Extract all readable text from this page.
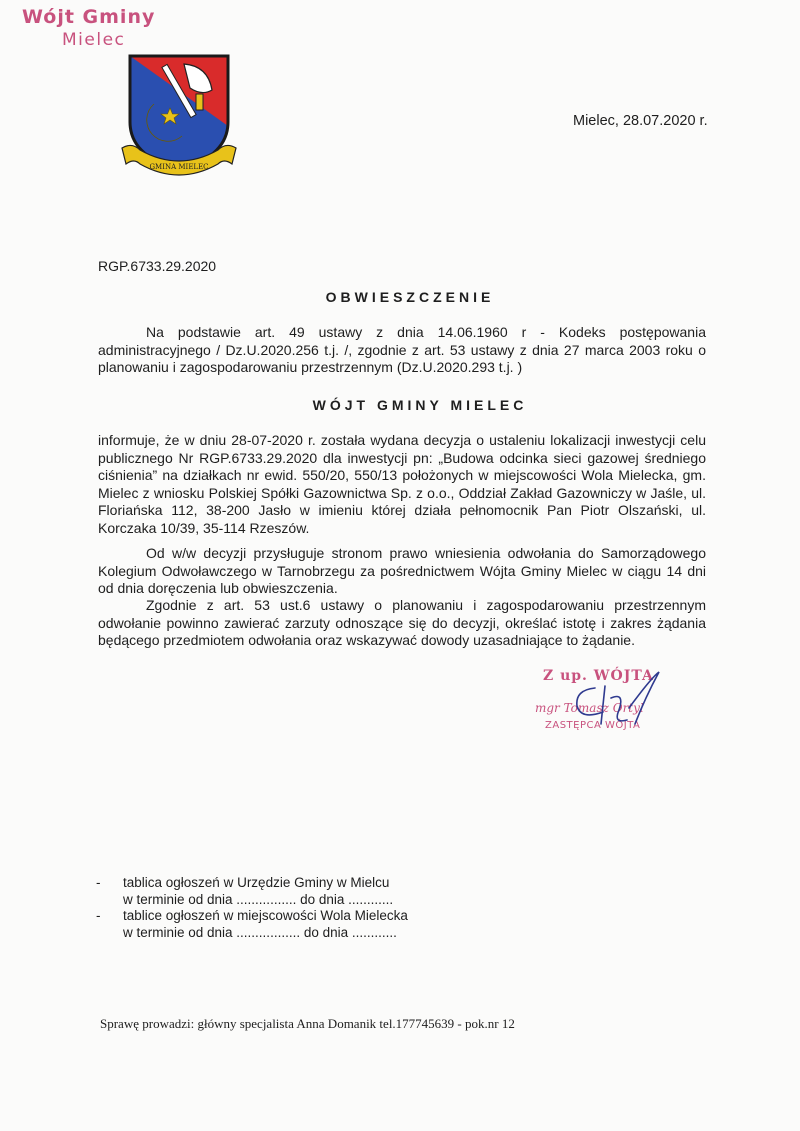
Wójt Gminy
Mielec
GMINA MIELEC
Mielec, 28.07.2020 r.
RGP.6733.29.2020
OBWIESZCZENIE

Na podstawie art. 49 ustawy z dnia 14.06.1960 r - Kodeks postępowania administracyjnego / Dz.U.2020.256 t.j. /, zgodnie z art. 53 ustawy z dnia 27 marca 2003 roku o planowaniu i zagospodarowaniu przestrzennym (Dz.U.2020.293 t.j. )

WÓJT GMINY MIELEC

informuje, że w dniu 28-07-2020 r. została wydana decyzja o ustaleniu lokalizacji inwestycji celu publicznego Nr RGP.6733.29.2020 dla inwestycji pn: „Budowa odcinka sieci gazowej średniego ciśnienia” na działkach nr ewid. 550/20, 550/13 położonych w miejscowości Wola Mielecka, gm. Mielec z wniosku Polskiej Spółki Gazownictwa Sp. z o.o., Oddział Zakład Gazowniczy w Jaśle, ul. Floriańska 112, 38-200 Jasło w imieniu której działa pełnomocnik Pan Piotr Olszański, ul. Korczaka 10/39, 35-114 Rzeszów.

Od w/w decyzji przysługuje stronom prawo wniesienia odwołania do Samorządowego Kolegium Odwoławczego w Tarnobrzegu za pośrednictwem Wójta Gminy Mielec w ciągu 14 dni od dnia doręczenia lub obwieszczenia.

Zgodnie z art. 53 ust.6 ustawy o planowaniu i zagospodarowaniu przestrzennym odwołanie powinno zawierać zarzuty odnoszące się do decyzji, określać istotę i zakres żądania będącego przedmiotem odwołania oraz wskazywać dowody uzasadniające to żądanie.

Z up. WÓJTA
mgr Tomasz Ortyl
ZASTĘPCA WÓJTA
- tablica ogłoszeń w Urzędzie Gminy w Mielcu
w terminie od dnia ................ do dnia ............
- tablice ogłoszeń w miejscowości Wola Mielecka
w terminie od dnia ................. do dnia ............
Sprawę prowadzi: główny specjalista Anna Domanik tel.177745639 - pok.nr 12
